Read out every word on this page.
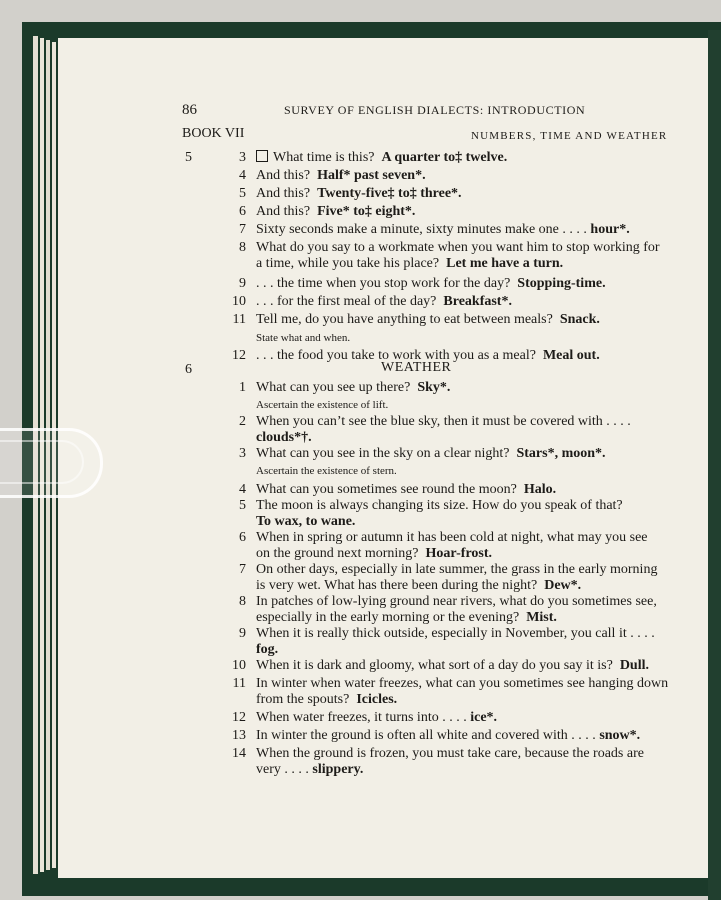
86	SURVEY OF ENGLISH DIALECTS: INTRODUCTION
BOOK VII	NUMBERS, TIME AND WEATHER
5	3	What time is this? A quarter to‡ twelve.
4 And this? Half* past seven*.
5 And this? Twenty-five‡ to‡ three*.
6 And this? Five* to‡ eight*.
7 Sixty seconds make a minute, sixty minutes make one . . . . hour*.
8 What do you say to a workmate when you want him to stop working for
a time, while you take his place? Let me have a turn.
9 . . . the time when you stop work for the day? Stopping-time.
10 . . . for the first meal of the day? Breakfast*.
11 Tell me, do you have anything to eat between meals? Snack.
State what and when.
12 . . . the food you take to work with you as a meal? Meal out.
WEATHER
6
1 What can you see up there? Sky*.
Ascertain the existence of lift.
2 When you can’t see the blue sky, then it must be covered with . . . .
clouds*†.
3 What can you see in the sky on a clear night? Stars*, moon*.
Ascertain the existence of stern.
4 What can you sometimes see round the moon? Halo.
5 The moon is always changing its size. How do you speak of that?
To wax, to wane.
6 When in spring or autumn it has been cold at night, what may you see
on the ground next morning? Hoar-frost.
7 On other days, especially in late summer, the grass in the early morning
is very wet. What has there been during the night? Dew*.
8 In patches of low-lying ground near rivers, what do you sometimes see,
especially in the early morning or the evening? Mist.
9 When it is really thick outside, especially in November, you call it . . . .
fog.
10 When it is dark and gloomy, what sort of a day do you say it is? Dull.
11 In winter when water freezes, what can you sometimes see hanging down
from the spouts? Icicles.
12 When water freezes, it turns into . . . . ice*.
13 In winter the ground is often all white and covered with . . . . snow*.
14 When the ground is frozen, you must take care, because the roads are
very . . . . slippery.
